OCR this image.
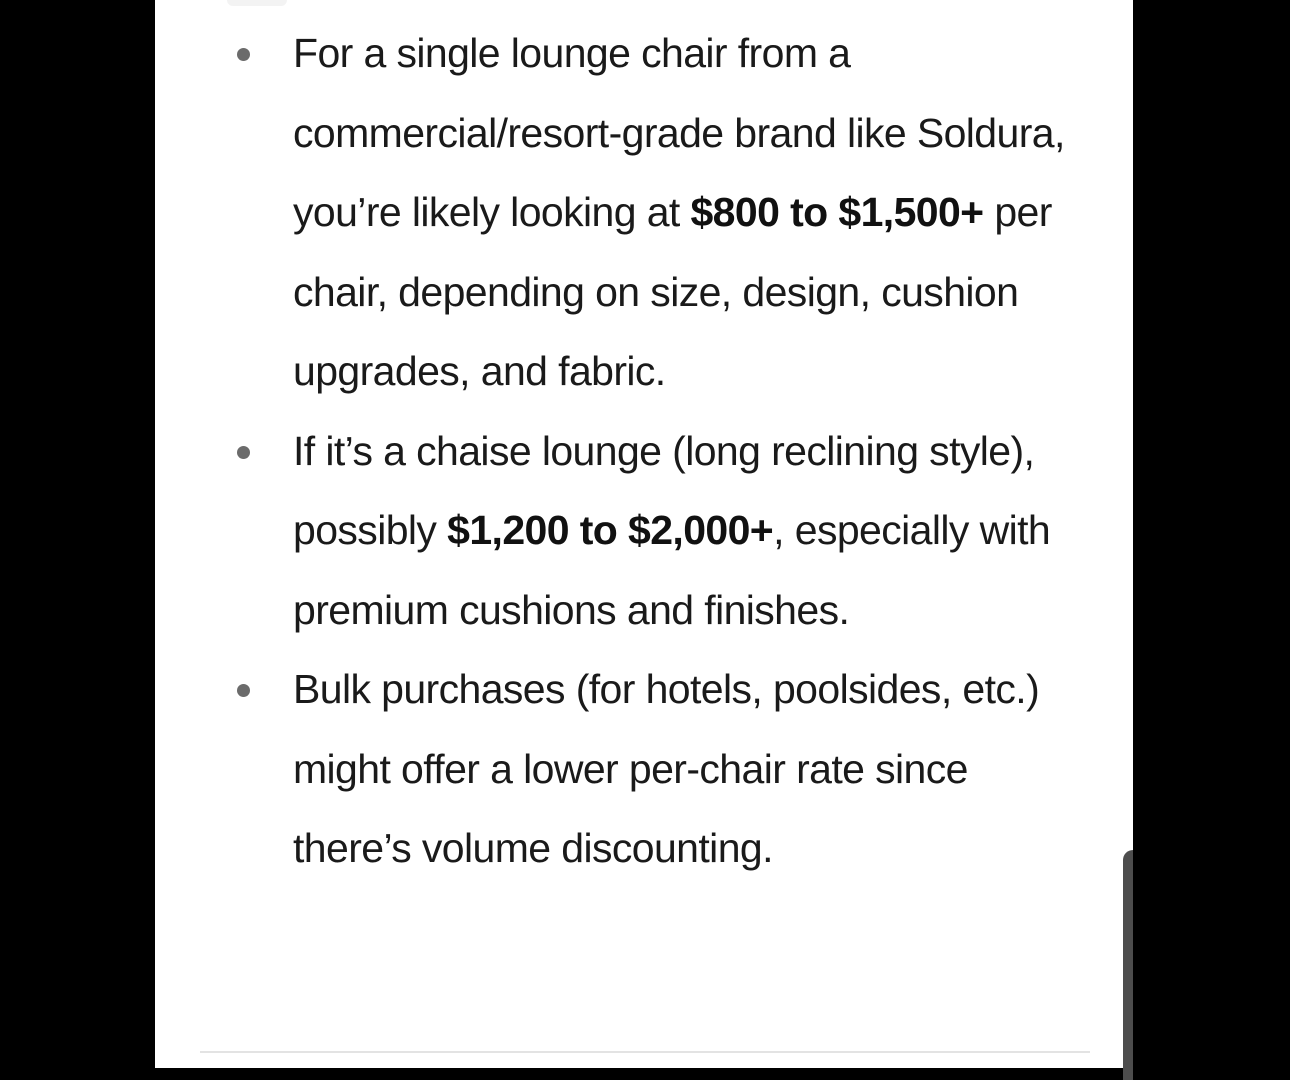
For a single lounge chair from a commercial/resort-grade brand like Soldura, you’re likely looking at $800 to $1,500+ per chair, depending on size, design, cushion upgrades, and fabric.
If it’s a chaise lounge (long reclining style), possibly $1,200 to $2,000+, especially with premium cushions and finishes.
Bulk purchases (for hotels, poolsides, etc.) might offer a lower per-chair rate since there’s volume discounting.
